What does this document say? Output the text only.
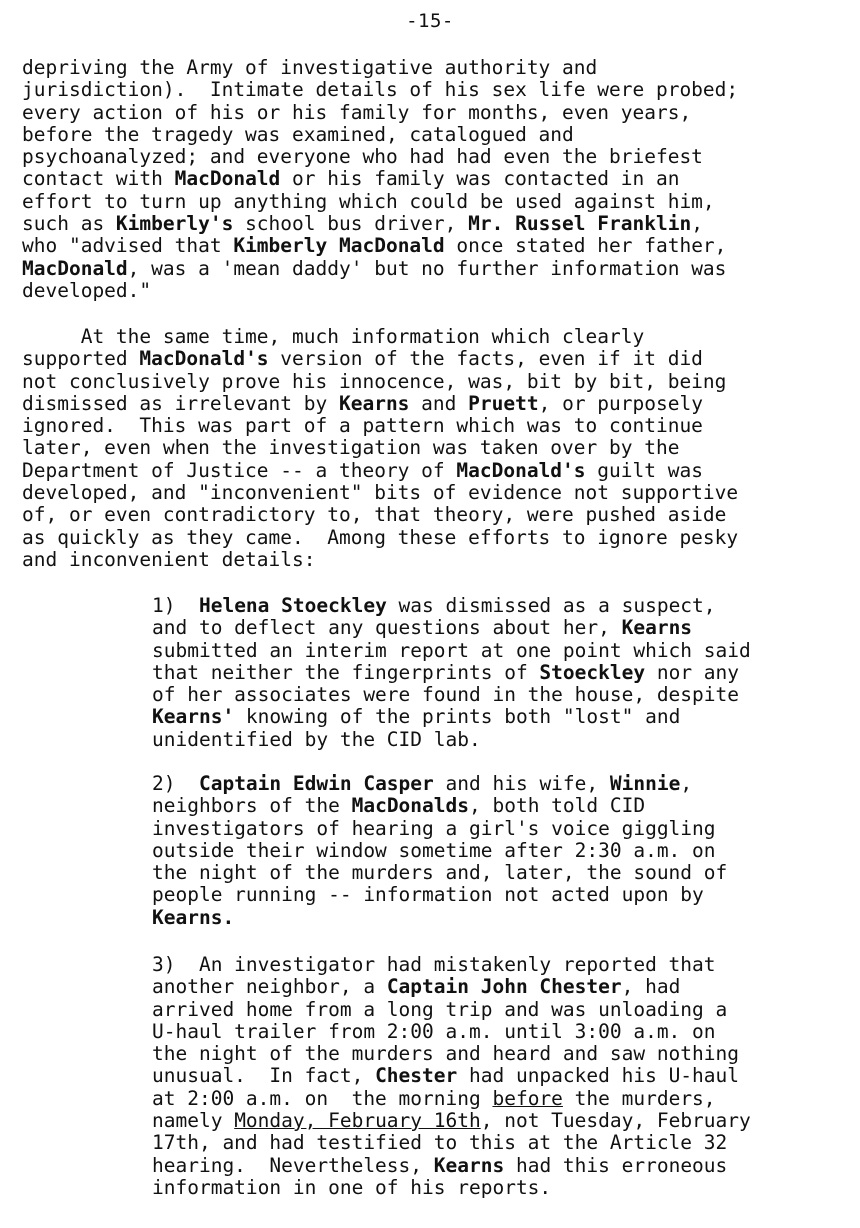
-15-
depriving the Army of investigative authority and
jurisdiction).  Intimate details of his sex life were probed;
every action of his or his family for months, even years,
before the tragedy was examined, catalogued and
psychoanalyzed; and everyone who had had even the briefest
contact with MacDonald or his family was contacted in an
effort to turn up anything which could be used against him,
such as Kimberly's school bus driver, Mr. Russel Franklin,
who "advised that Kimberly MacDonald once stated her father,
MacDonald, was a 'mean daddy' but no further information was
developed."
At the same time, much information which clearly
supported MacDonald's version of the facts, even if it did
not conclusively prove his innocence, was, bit by bit, being
dismissed as irrelevant by Kearns and Pruett, or purposely
ignored.  This was part of a pattern which was to continue
later, even when the investigation was taken over by the
Department of Justice -- a theory of MacDonald's guilt was
developed, and "inconvenient" bits of evidence not supportive
of, or even contradictory to, that theory, were pushed aside
as quickly as they came.  Among these efforts to ignore pesky
and inconvenient details:
1)  Helena Stoeckley was dismissed as a suspect,
and to deflect any questions about her, Kearns
submitted an interim report at one point which said
that neither the fingerprints of Stoeckley nor any
of her associates were found in the house, despite
Kearns' knowing of the prints both "lost" and
unidentified by the CID lab.
2)  Captain Edwin Casper and his wife, Winnie,
neighbors of the MacDonalds, both told CID
investigators of hearing a girl's voice giggling
outside their window sometime after 2:30 a.m. on
the night of the murders and, later, the sound of
people running -- information not acted upon by
Kearns.
3)  An investigator had mistakenly reported that
another neighbor, a Captain John Chester, had
arrived home from a long trip and was unloading a
U-haul trailer from 2:00 a.m. until 3:00 a.m. on
the night of the murders and heard and saw nothing
unusual.  In fact, Chester had unpacked his U-haul
at 2:00 a.m. on  the morning before the murders,
namely Monday, February 16th, not Tuesday, February
17th, and had testified to this at the Article 32
hearing.  Nevertheless, Kearns had this erroneous
information in one of his reports.
